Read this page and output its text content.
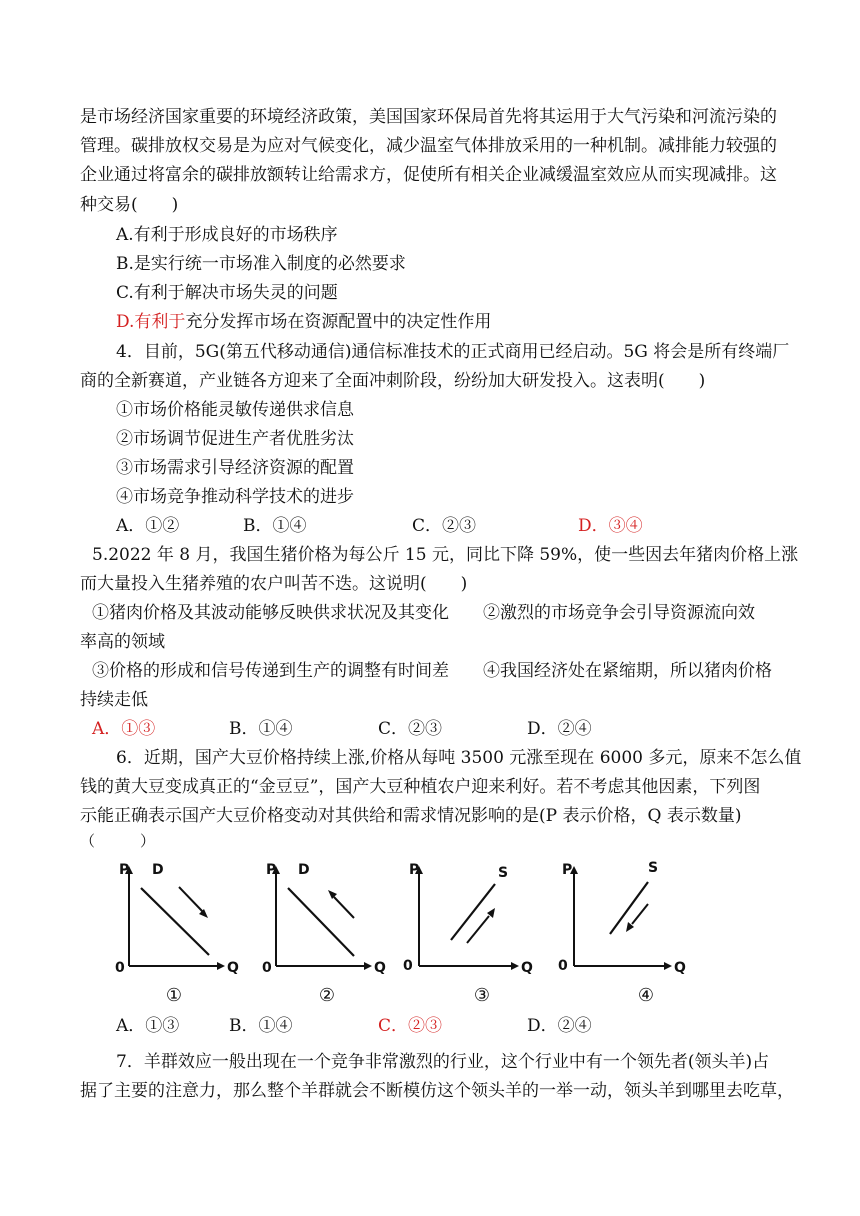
是市场经济国家重要的环境经济政策，美国国家环保局首先将其运用于大气污染和河流污染的
管理。碳排放权交易是为应对气候变化，减少温室气体排放采用的一种机制。减排能力较强的
企业通过将富余的碳排放额转让给需求方，促使所有相关企业减缓温室效应从而实现减排。这
种交易(　　)
A.有利于形成良好的市场秩序
B.是实行统一市场准入制度的必然要求
C.有利于解决市场失灵的问题
D.有利于充分发挥市场在资源配置中的决定性作用
4．目前，5G(第五代移动通信)通信标准技术的正式商用已经启动。5G 将会是所有终端厂
商的全新赛道，产业链各方迎来了全面冲刺阶段，纷纷加大研发投入。这表明(　　)
①市场价格能灵敏传递供求信息
②市场调节促进生产者优胜劣汰
③市场需求引导经济资源的配置
④市场竞争推动科学技术的进步
A．①②	B．①④	C．②③	D．③④
5.2022 年 8 月，我国生猪价格为每公斤 15 元，同比下降 59%，使一些因去年猪肉价格上涨
而大量投入生猪养殖的农户叫苦不迭。这说明(　　)
①猪肉价格及其波动能够反映供求状况及其变化　　②激烈的市场竞争会引导资源流向效
率高的领域
③价格的形成和信号传递到生产的调整有时间差　　④我国经济处在紧缩期，所以猪肉价格
持续走低
A．①③	B．①④	C．②③	D．②④
6．近期，国产大豆价格持续上涨,价格从每吨 3500 元涨至现在 6000 多元，原来不怎么值
钱的黄大豆变成真正的“金豆豆”，国产大豆种植农户迎来利好。若不考虑其他因素，下列图
示能正确表示国产大豆价格变动对其供给和需求情况影响的是(P 表示价格，Q 表示数量)
（　　　）
P D
0	Q
①
P D
0	Q
②
P	S
0	Q
③
P	S
0	Q
④
A．①③	B．①④	C．②③	D．②④
7．羊群效应一般出现在一个竞争非常激烈的行业，这个行业中有一个领先者(领头羊)占
据了主要的注意力，那么整个羊群就会不断模仿这个领头羊的一举一动，领头羊到哪里去吃草，
